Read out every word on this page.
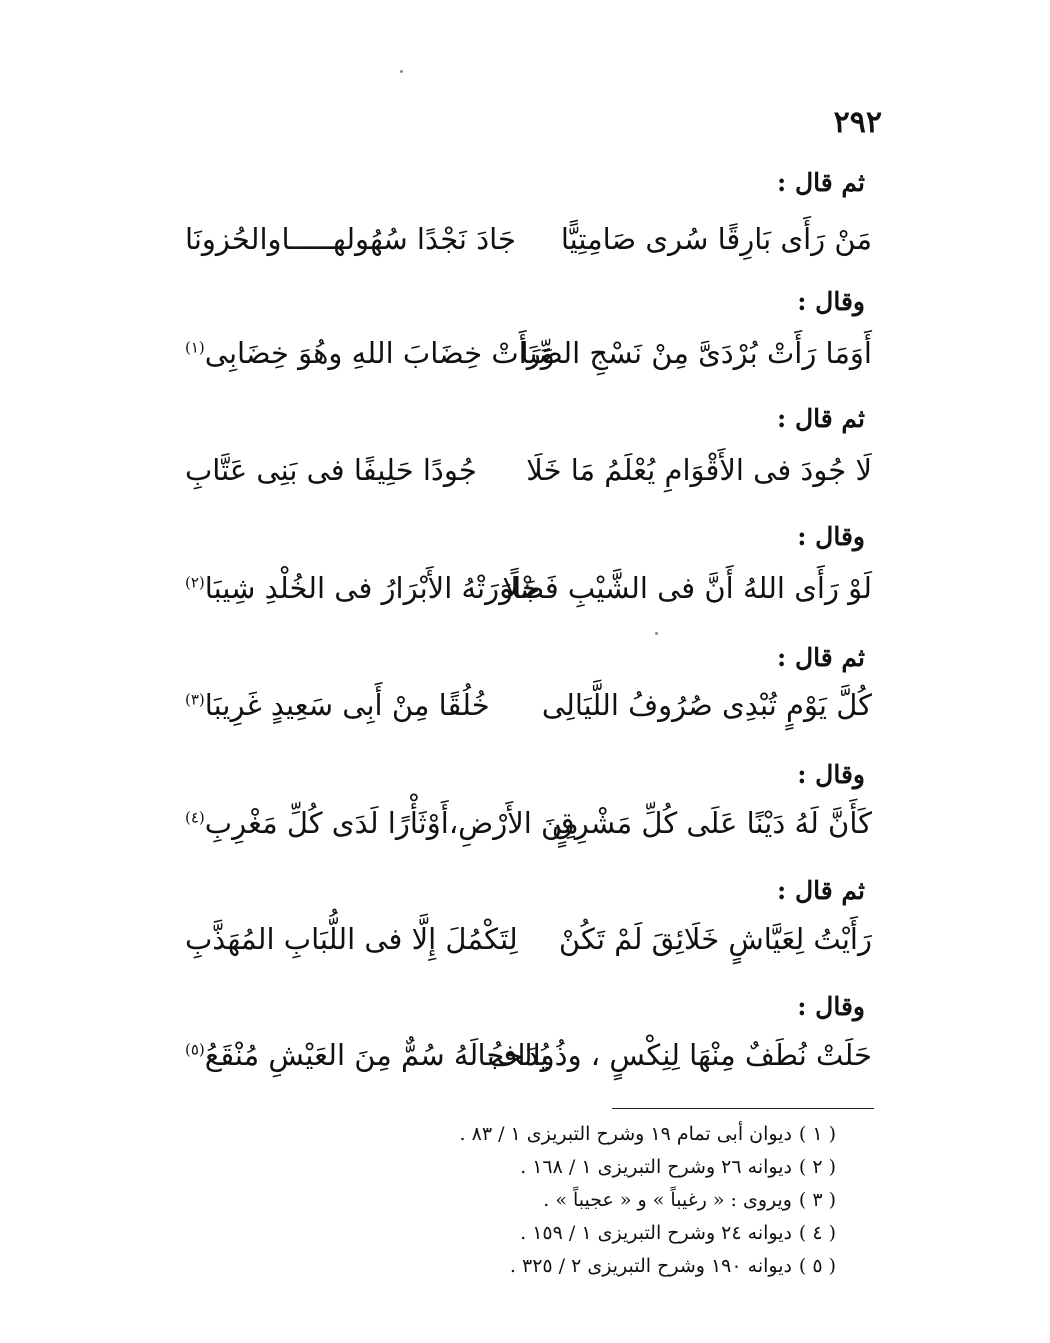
٢٩٢
ثم قال :
مَنْ رَأَى بَارِقًا سُرى صَامِتِيًّا
جَادَ نَجْدًا سُهُولهـــــاوالحُزونَا
وقال :
أَوَمَا رَأَتْ بُرْدَىَّ مِنْ نَسْجِ الصِّبَا
وَرَأَتْ خِضَابَ اللهِ وهُوَ خِضَابِى$^{(١)}$
ثم قال :
لَا جُودَ فى الأَقْوَامِ يُعْلَمُ مَا خَلَا
جُودًا حَلِيفًا فى بَنِى عَتَّابِ
وقال :
لَوْ رَأَى اللهُ أَنَّ فى الشَّيْبِ فَضْلًا
جَاوَرَتْهُ الأَبْرَارُ فى الخُلْدِ شِيبَا$^{(٢)}$
ثم قال :
كُلَّ يَوْمٍ تُبْدِى صُرُوفُ اللَّيَالِى
خُلُقًا مِنْ أَبِى سَعِيدٍ غَرِيبَا$^{(٣)}$
وقال :
كَأَنَّ لَهُ دَيْنًا عَلَى كُلِّ مَشْرِقٍ
مِنَ الأَرْضِ،أَوْثَأْرًا لَدَى كُلِّ مَغْرِبِ$^{(٤)}$
ثم قال :
رَأَيْتُ لِعَيَّاشٍ خَلَائِقَ لَمْ تَكُنْ
لِتَكْمُلَ إِلَّا فى اللُّبَابِ المُهَذَّبِ
وقال :
حَلَتْ نُطَفٌ مِنْهَا لِنِكْسٍ ، وذُوالحجا
يُدَافُ لَهُ سُمٌّ مِنَ العَيْشِ مُنْقَعُ$^{(٥)}$
( ١ ) ديوان أبى تمام ١٩ وشرح التبريزى ١ / ٨٣ .
( ٢ ) ديوانه ٢٦ وشرح التبريزى ١ / ١٦٨ .
( ٣ ) ويروى : « رغيباً » و « عجيباً » .
( ٤ ) ديوانه ٢٤ وشرح التبريزى ١ / ١٥٩ .
( ٥ ) ديوانه ١٩٠ وشرح التبريزى ٢ / ٣٢٥ .
